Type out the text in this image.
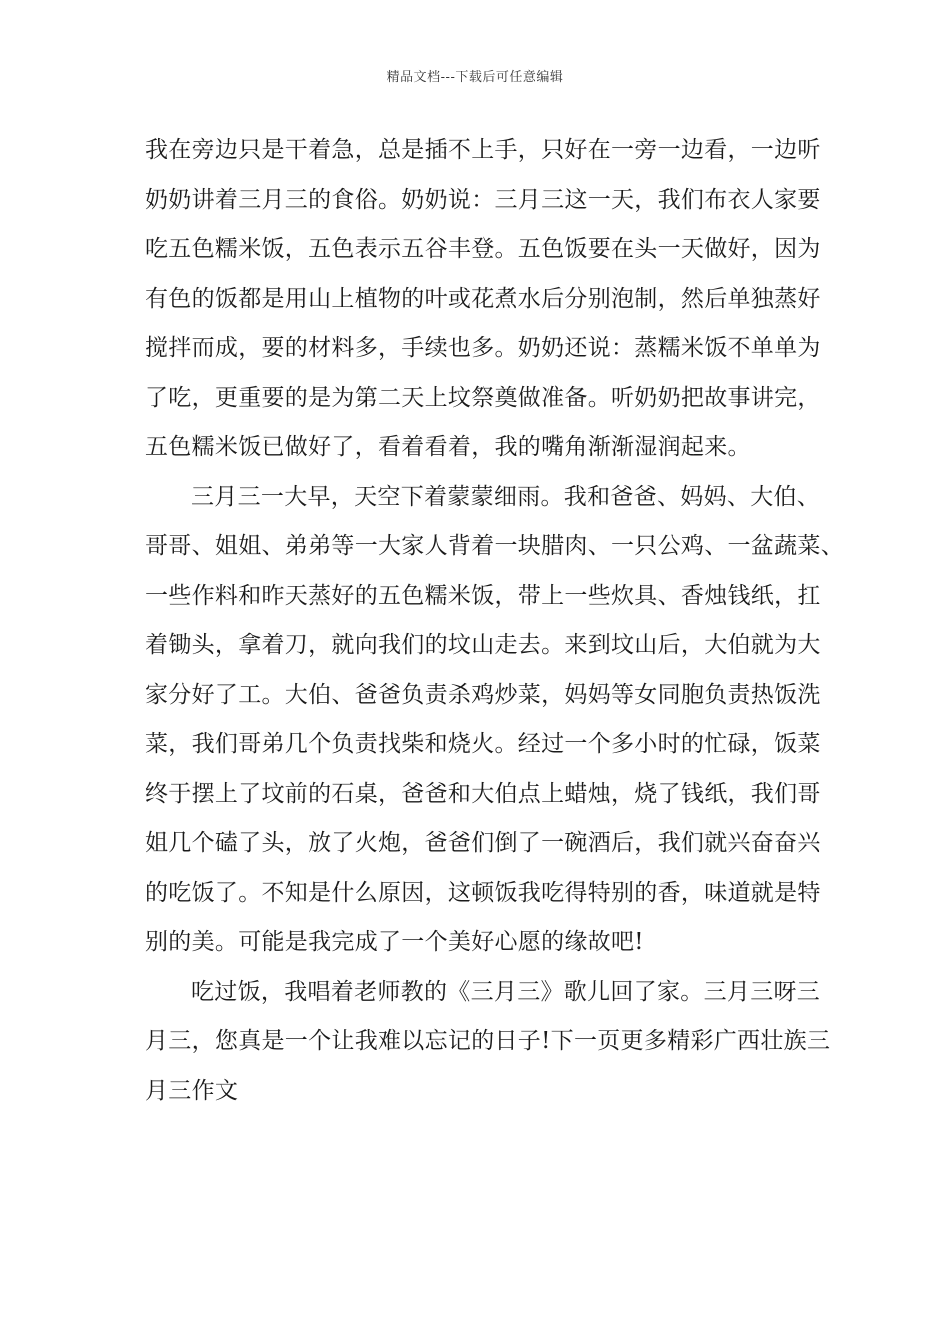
精品文档---下载后可任意编辑
我在旁边只是干着急，总是插不上手，只好在一旁一边看，一边听
奶奶讲着三月三的食俗。奶奶说：三月三这一天，我们布衣人家要
吃五色糯米饭，五色表示五谷丰登。五色饭要在头一天做好，因为
有色的饭都是用山上植物的叶或花煮水后分别泡制，然后单独蒸好
搅拌而成，要的材料多，手续也多。奶奶还说：蒸糯米饭不单单为
了吃，更重要的是为第二天上坟祭奠做准备。听奶奶把故事讲完，
五色糯米饭已做好了，看着看着，我的嘴角渐渐湿润起来。
三月三一大早，天空下着蒙蒙细雨。我和爸爸、妈妈、大伯、
哥哥、姐姐、弟弟等一大家人背着一块腊肉、一只公鸡、一盆蔬菜、
一些作料和昨天蒸好的五色糯米饭，带上一些炊具、香烛钱纸，扛
着锄头，拿着刀，就向我们的坟山走去。来到坟山后，大伯就为大
家分好了工。大伯、爸爸负责杀鸡炒菜，妈妈等女同胞负责热饭洗
菜，我们哥弟几个负责找柴和烧火。经过一个多小时的忙碌，饭菜
终于摆上了坟前的石桌，爸爸和大伯点上蜡烛，烧了钱纸，我们哥
姐几个磕了头，放了火炮，爸爸们倒了一碗酒后，我们就兴奋奋兴
的吃饭了。不知是什么原因，这顿饭我吃得特别的香，味道就是特
别的美。可能是我完成了一个美好心愿的缘故吧!
吃过饭，我唱着老师教的《三月三》歌儿回了家。三月三呀三
月三，您真是一个让我难以忘记的日子!下一页更多精彩广西壮族三
月三作文
